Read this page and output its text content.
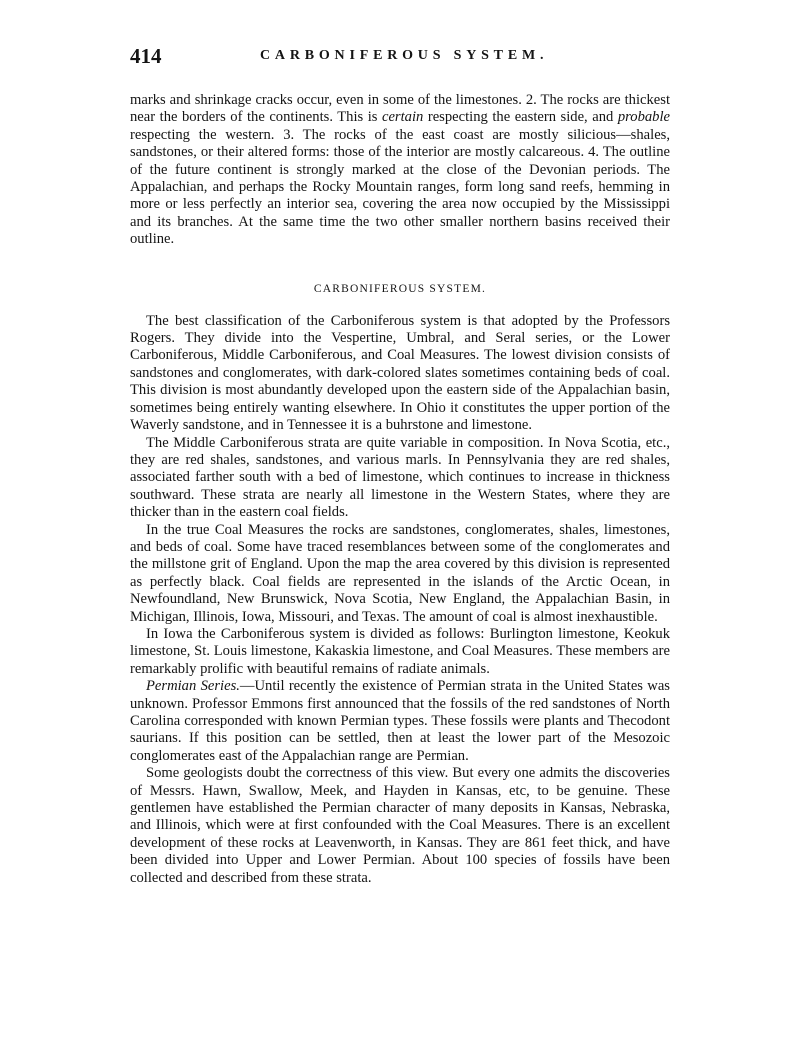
414	CARBONIFEROUS SYSTEM.

marks and shrinkage cracks occur, even in some of the limestones. 2. The rocks are thickest near the borders of the continents. This is certain respecting the eastern side, and probable respecting the western. 3. The rocks of the east coast are mostly silicious—shales, sandstones, or their altered forms: those of the interior are mostly calcareous. 4. The outline of the future continent is strongly marked at the close of the Devonian periods. The Appalachian, and perhaps the Rocky Mountain ranges, form long sand reefs, hemming in more or less perfectly an interior sea, covering the area now occupied by the Mississippi and its branches. At the same time the two other smaller northern basins received their outline.

CARBONIFEROUS SYSTEM.

The best classification of the Carboniferous system is that adopted by the Professors Rogers. They divide into the Vespertine, Umbral, and Seral series, or the Lower Carboniferous, Middle Carboniferous, and Coal Measures. The lowest division consists of sandstones and conglomerates, with dark-colored slates sometimes containing beds of coal. This division is most abundantly developed upon the eastern side of the Appalachian basin, sometimes being entirely wanting elsewhere. In Ohio it constitutes the upper portion of the Waverly sandstone, and in Tennessee it is a buhrstone and limestone.

The Middle Carboniferous strata are quite variable in composition. In Nova Scotia, etc., they are red shales, sandstones, and various marls. In Pennsylvania they are red shales, associated farther south with a bed of limestone, which continues to increase in thickness southward. These strata are nearly all limestone in the Western States, where they are thicker than in the eastern coal fields.

In the true Coal Measures the rocks are sandstones, conglomerates, shales, limestones, and beds of coal. Some have traced resemblances between some of the conglomerates and the millstone grit of England. Upon the map the area covered by this division is represented as perfectly black. Coal fields are represented in the islands of the Arctic Ocean, in Newfoundland, New Brunswick, Nova Scotia, New England, the Appalachian Basin, in Michigan, Illinois, Iowa, Missouri, and Texas. The amount of coal is almost inexhaustible.

In Iowa the Carboniferous system is divided as follows: Burlington limestone, Keokuk limestone, St. Louis limestone, Kakaskia limestone, and Coal Measures. These members are remarkably prolific with beautiful remains of radiate animals.

Permian Series.—Until recently the existence of Permian strata in the United States was unknown. Professor Emmons first announced that the fossils of the red sandstones of North Carolina corresponded with known Permian types. These fossils were plants and Thecodont saurians. If this position can be settled, then at least the lower part of the Mesozoic conglomerates east of the Appalachian range are Permian.

Some geologists doubt the correctness of this view. But every one admits the discoveries of Messrs. Hawn, Swallow, Meek, and Hayden in Kansas, etc, to be genuine. These gentlemen have established the Permian character of many deposits in Kansas, Nebraska, and Illinois, which were at first confounded with the Coal Measures. There is an excellent development of these rocks at Leavenworth, in Kansas. They are 861 feet thick, and have been divided into Upper and Lower Permian. About 100 species of fossils have been collected and described from these strata.
